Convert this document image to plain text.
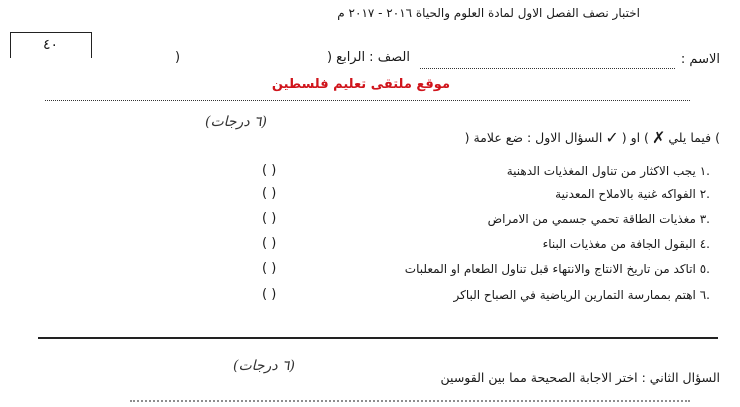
اختبار نصف الفصل الاول لمادة العلوم والحياة ٢٠١٦ - ٢٠١٧ م
٤٠
الاسم :
الصف : الرابع (
)
موقع ملتقى تعليم فلسطين
(٦ درجات)
السؤال الاول : ضع علامة ( ✓ ) او ( ✗ ) فيما يلي
.١ يجب الاكثار من تناول المغذيات الدهنية
( )
.٢ الفواكه غنية بالاملاح المعدنية
( )
.٣ مغذيات الطاقة تحمي جسمي من الامراض
( )
.٤ البقول الجافة من مغذيات البناء
( )
.٥ اتاكد من تاريخ الانتاج والانتهاء قبل تناول الطعام او المعلبات
( )
.٦ اهتم بممارسة التمارين الرياضية في الصباح الباكر
( )
(٦ درجات)
السؤال الثاني : اختر الاجابة الصحيحة مما بين القوسين
